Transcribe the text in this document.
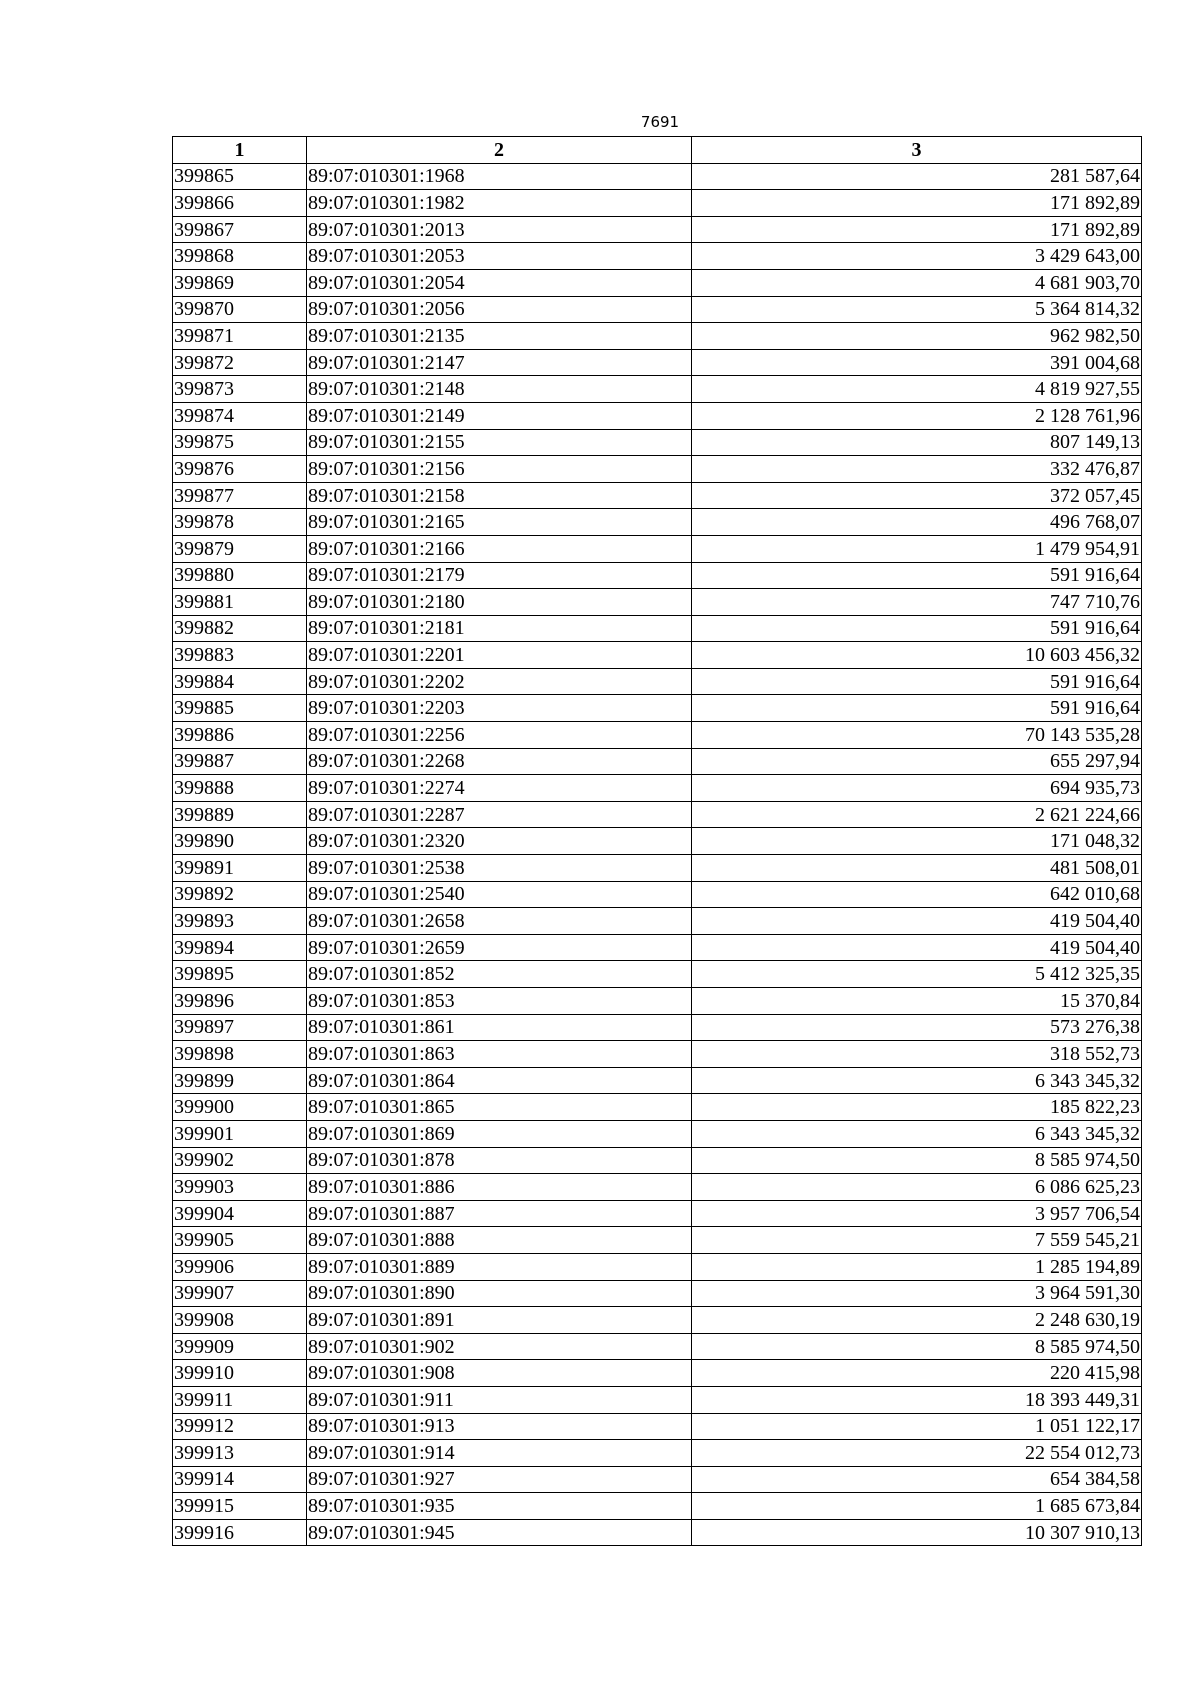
7691
1	2	3
399865	89:07:010301:1968	281 587,64
399866	89:07:010301:1982	171 892,89
399867	89:07:010301:2013	171 892,89
399868	89:07:010301:2053	3 429 643,00
399869	89:07:010301:2054	4 681 903,70
399870	89:07:010301:2056	5 364 814,32
399871	89:07:010301:2135	962 982,50
399872	89:07:010301:2147	391 004,68
399873	89:07:010301:2148	4 819 927,55
399874	89:07:010301:2149	2 128 761,96
399875	89:07:010301:2155	807 149,13
399876	89:07:010301:2156	332 476,87
399877	89:07:010301:2158	372 057,45
399878	89:07:010301:2165	496 768,07
399879	89:07:010301:2166	1 479 954,91
399880	89:07:010301:2179	591 916,64
399881	89:07:010301:2180	747 710,76
399882	89:07:010301:2181	591 916,64
399883	89:07:010301:2201	10 603 456,32
399884	89:07:010301:2202	591 916,64
399885	89:07:010301:2203	591 916,64
399886	89:07:010301:2256	70 143 535,28
399887	89:07:010301:2268	655 297,94
399888	89:07:010301:2274	694 935,73
399889	89:07:010301:2287	2 621 224,66
399890	89:07:010301:2320	171 048,32
399891	89:07:010301:2538	481 508,01
399892	89:07:010301:2540	642 010,68
399893	89:07:010301:2658	419 504,40
399894	89:07:010301:2659	419 504,40
399895	89:07:010301:852	5 412 325,35
399896	89:07:010301:853	15 370,84
399897	89:07:010301:861	573 276,38
399898	89:07:010301:863	318 552,73
399899	89:07:010301:864	6 343 345,32
399900	89:07:010301:865	185 822,23
399901	89:07:010301:869	6 343 345,32
399902	89:07:010301:878	8 585 974,50
399903	89:07:010301:886	6 086 625,23
399904	89:07:010301:887	3 957 706,54
399905	89:07:010301:888	7 559 545,21
399906	89:07:010301:889	1 285 194,89
399907	89:07:010301:890	3 964 591,30
399908	89:07:010301:891	2 248 630,19
399909	89:07:010301:902	8 585 974,50
399910	89:07:010301:908	220 415,98
399911	89:07:010301:911	18 393 449,31
399912	89:07:010301:913	1 051 122,17
399913	89:07:010301:914	22 554 012,73
399914	89:07:010301:927	654 384,58
399915	89:07:010301:935	1 685 673,84
399916	89:07:010301:945	10 307 910,13
